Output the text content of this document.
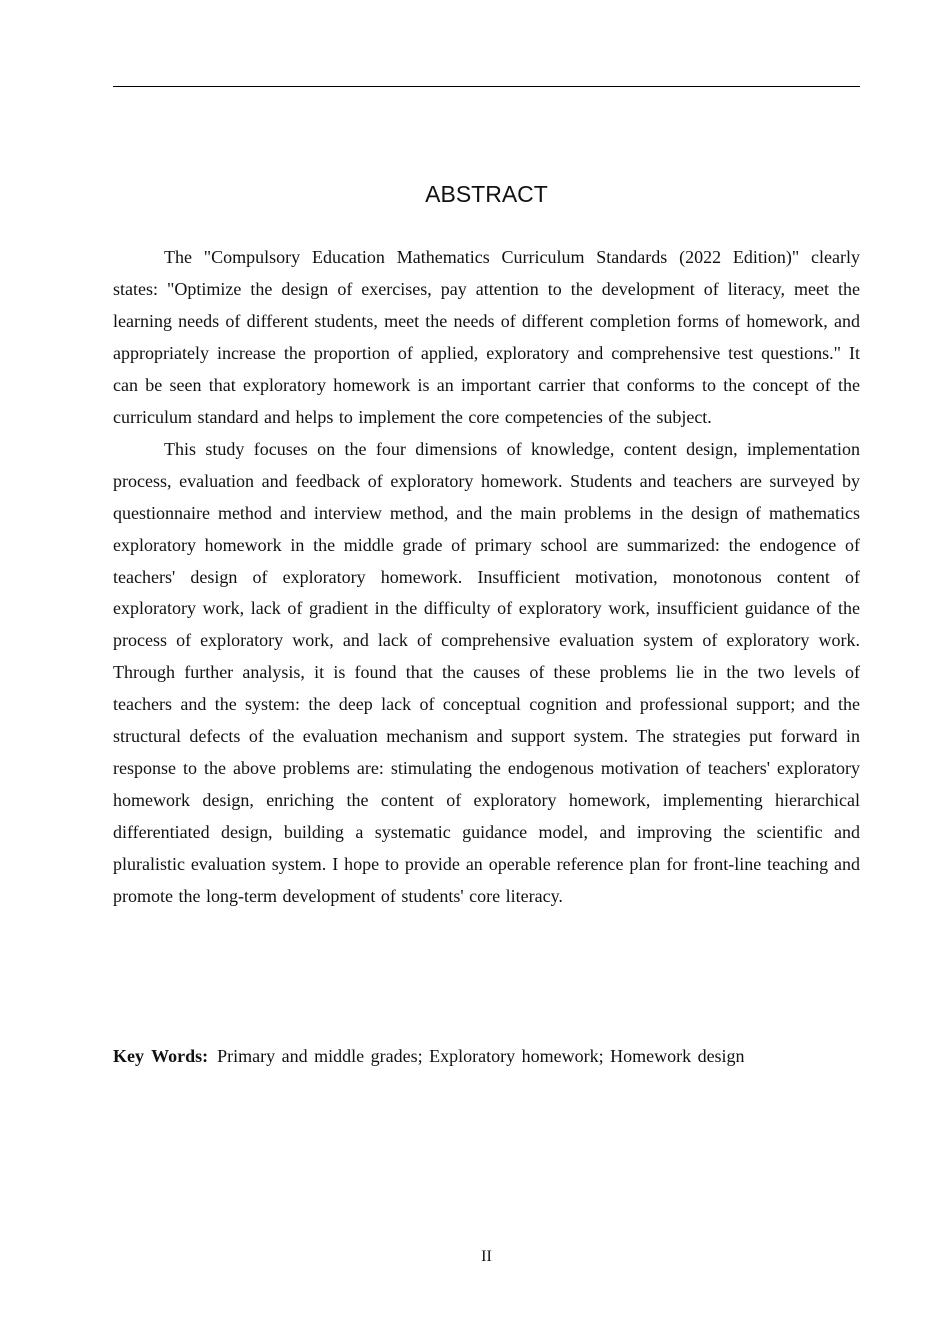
ABSTRACT

The "Compulsory Education Mathematics Curriculum Standards (2022 Edition)" clearly states: "Optimize the design of exercises, pay attention to the development of literacy, meet the learning needs of different students, meet the needs of different completion forms of homework, and appropriately increase the proportion of applied, exploratory and comprehensive test questions." It can be seen that exploratory homework is an important carrier that conforms to the concept of the curriculum standard and helps to implement the core competencies of the subject.

This study focuses on the four dimensions of knowledge, content design, implementation process, evaluation and feedback of exploratory homework. Students and teachers are surveyed by questionnaire method and interview method, and the main problems in the design of mathematics exploratory homework in the middle grade of primary school are summarized: the endogence of teachers' design of exploratory homework. Insufficient motivation, monotonous content of exploratory work, lack of gradient in the difficulty of exploratory work, insufficient guidance of the process of exploratory work, and lack of comprehensive evaluation system of exploratory work. Through further analysis, it is found that the causes of these problems lie in the two levels of teachers and the system: the deep lack of conceptual cognition and professional support; and the structural defects of the evaluation mechanism and support system. The strategies put forward in response to the above problems are: stimulating the endogenous motivation of teachers' exploratory homework design, enriching the content of exploratory homework, implementing hierarchical differentiated design, building a systematic guidance model, and improving the scientific and pluralistic evaluation system. I hope to provide an operable reference plan for front-line teaching and promote the long-term development of students' core literacy.

Key Words: Primary and middle grades; Exploratory homework; Homework design
II
